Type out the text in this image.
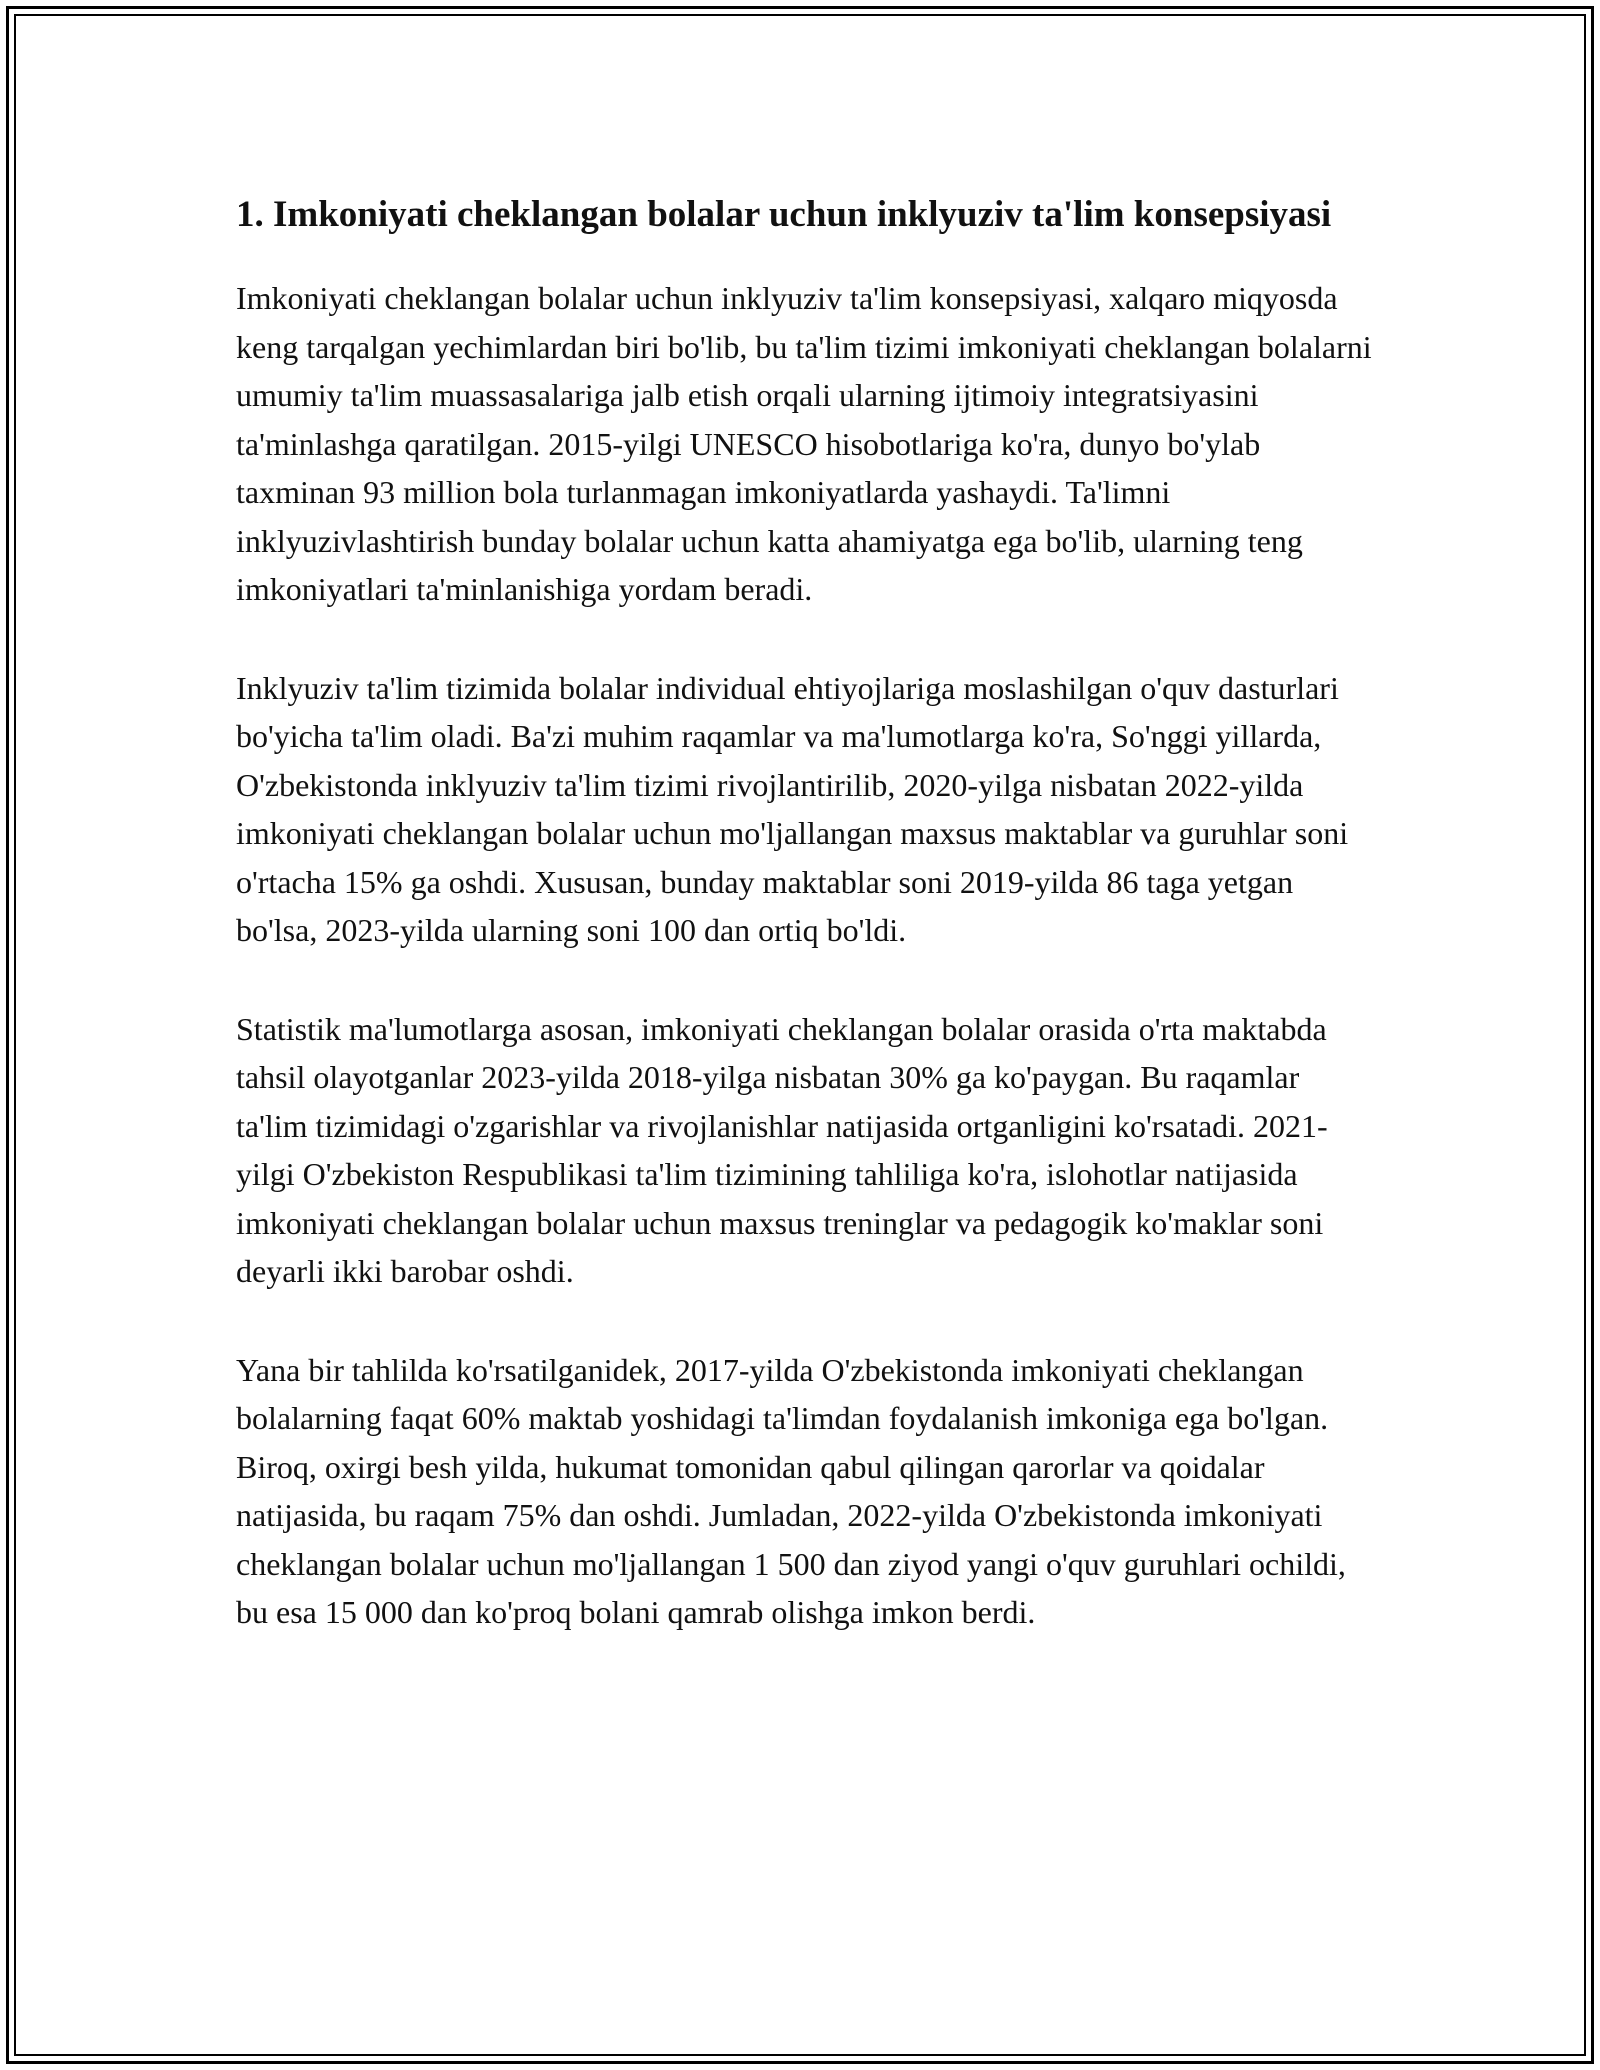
1. Imkoniyati cheklangan bolalar uchun inklyuziv ta'lim konsepsiyasi

Imkoniyati cheklangan bolalar uchun inklyuziv ta'lim konsepsiyasi, xalqaro miqyosda keng tarqalgan yechimlardan biri bo'lib, bu ta'lim tizimi imkoniyati cheklangan bolalarni umumiy ta'lim muassasalariga jalb etish orqali ularning ijtimoiy integratsiyasini ta'minlashga qaratilgan. 2015-yilgi UNESCO hisobotlariga ko'ra, dunyo bo'ylab taxminan 93 million bola turlanmagan imkoniyatlarda yashaydi. Ta'limni inklyuzivlashtirish bunday bolalar uchun katta ahamiyatga ega bo'lib, ularning teng imkoniyatlari ta'minlanishiga yordam beradi.

Inklyuziv ta'lim tizimida bolalar individual ehtiyojlariga moslashilgan o'quv dasturlari bo'yicha ta'lim oladi. Ba'zi muhim raqamlar va ma'lumotlarga ko'ra, So'nggi yillarda, O'zbekistonda inklyuziv ta'lim tizimi rivojlantirilib, 2020-yilga nisbatan 2022-yilda imkoniyati cheklangan bolalar uchun mo'ljallangan maxsus maktablar va guruhlar soni o'rtacha 15% ga oshdi. Xususan, bunday maktablar soni 2019-yilda 86 taga yetgan bo'lsa, 2023-yilda ularning soni 100 dan ortiq bo'ldi.

Statistik ma'lumotlarga asosan, imkoniyati cheklangan bolalar orasida o'rta maktabda tahsil olayotganlar 2023-yilda 2018-yilga nisbatan 30% ga ko'paygan. Bu raqamlar ta'lim tizimidagi o'zgarishlar va rivojlanishlar natijasida ortganligini ko'rsatadi. 2021-yilgi O'zbekiston Respublikasi ta'lim tizimining tahliliga ko'ra, islohotlar natijasida imkoniyati cheklangan bolalar uchun maxsus treninglar va pedagogik ko'maklar soni deyarli ikki barobar oshdi.

Yana bir tahlilda ko'rsatilganidek, 2017-yilda O'zbekistonda imkoniyati cheklangan bolalarning faqat 60% maktab yoshidagi ta'limdan foydalanish imkoniga ega bo'lgan. Biroq, oxirgi besh yilda, hukumat tomonidan qabul qilingan qarorlar va qoidalar natijasida, bu raqam 75% dan oshdi. Jumladan, 2022-yilda O'zbekistonda imkoniyati cheklangan bolalar uchun mo'ljallangan 1 500 dan ziyod yangi o'quv guruhlari ochildi, bu esa 15 000 dan ko'proq bolani qamrab olishga imkon berdi.
